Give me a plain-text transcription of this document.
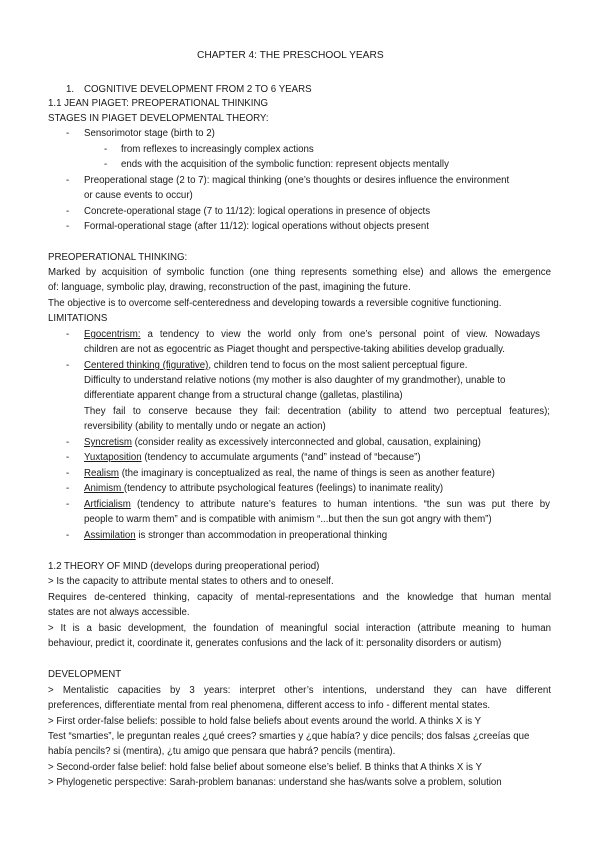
CHAPTER 4: THE PRESCHOOL YEARS
1. COGNITIVE DEVELOPMENT FROM 2 TO 6 YEARS
1.1 JEAN PIAGET: PREOPERATIONAL THINKING
STAGES IN PIAGET DEVELOPMENTAL THEORY:
- Sensorimotor stage (birth to 2)
- from reflexes to increasingly complex actions
- ends with the acquisition of the symbolic function: represent objects mentally
- Preoperational stage (2 to 7): magical thinking (one’s thoughts or desires influence the environment
or cause events to occur)
- Concrete-operational stage (7 to 11/12): logical operations in presence of objects
- Formal-operational stage (after 11/12): logical operations without objects present
PREOPERATIONAL THINKING:
Marked by acquisition of symbolic function (one thing represents something else) and allows the emergence
of: language, symbolic play, drawing, reconstruction of the past, imagining the future.
The objective is to overcome self-centeredness and developing towards a reversible cognitive functioning.
LIMITATIONS
- Egocentrism: a tendency to view the world only from one’s personal point of view. Nowadays
children are not as egocentric as Piaget thought and perspective-taking abilities develop gradually.
- Centered thinking (figurative), children tend to focus on the most salient perceptual figure.
Difficulty to understand relative notions (my mother is also daughter of my grandmother), unable to
differentiate apparent change from a structural change (galletas, plastilina)
They fail to conserve because they fail: decentration (ability to attend two perceptual features);
reversibility (ability to mentally undo or negate an action)
- Syncretism (consider reality as excessively interconnected and global, causation, explaining)
- Yuxtaposition (tendency to accumulate arguments (“and” instead of “because”)
- Realism (the imaginary is conceptualized as real, the name of things is seen as another feature)
- Animism (tendency to attribute psychological features (feelings) to inanimate reality)
- Artficialism (tendency to attribute nature’s features to human intentions. “the sun was put there by
people to warm them” and is compatible with animism “...but then the sun got angry with them”)
- Assimilation is stronger than accommodation in preoperational thinking
1.2 THEORY OF MIND (develops during preoperational period)
> Is the capacity to attribute mental states to others and to oneself.
Requires de-centered thinking, capacity of mental-representations and the knowledge that human mental
states are not always accessible.
> It is a basic development, the foundation of meaningful social interaction (attribute meaning to human
behaviour, predict it, coordinate it, generates confusions and the lack of it: personality disorders or autism)
DEVELOPMENT
> Mentalistic capacities by 3 years: interpret other’s intentions, understand they can have different
preferences, differentiate mental from real phenomena, different access to info - different mental states.
> First order-false beliefs: possible to hold false beliefs about events around the world. A thinks X is Y
Test “smarties”, le preguntan reales ¿qué crees? smarties y ¿que había? y dice pencils; dos falsas ¿creeías que
había pencils? si (mentira), ¿tu amigo que pensara que habrá? pencils (mentira).
> Second-order false belief: hold false belief about someone else’s belief. B thinks that A thinks X is Y
> Phylogenetic perspective: Sarah-problem bananas: understand she has/wants solve a problem, solution
